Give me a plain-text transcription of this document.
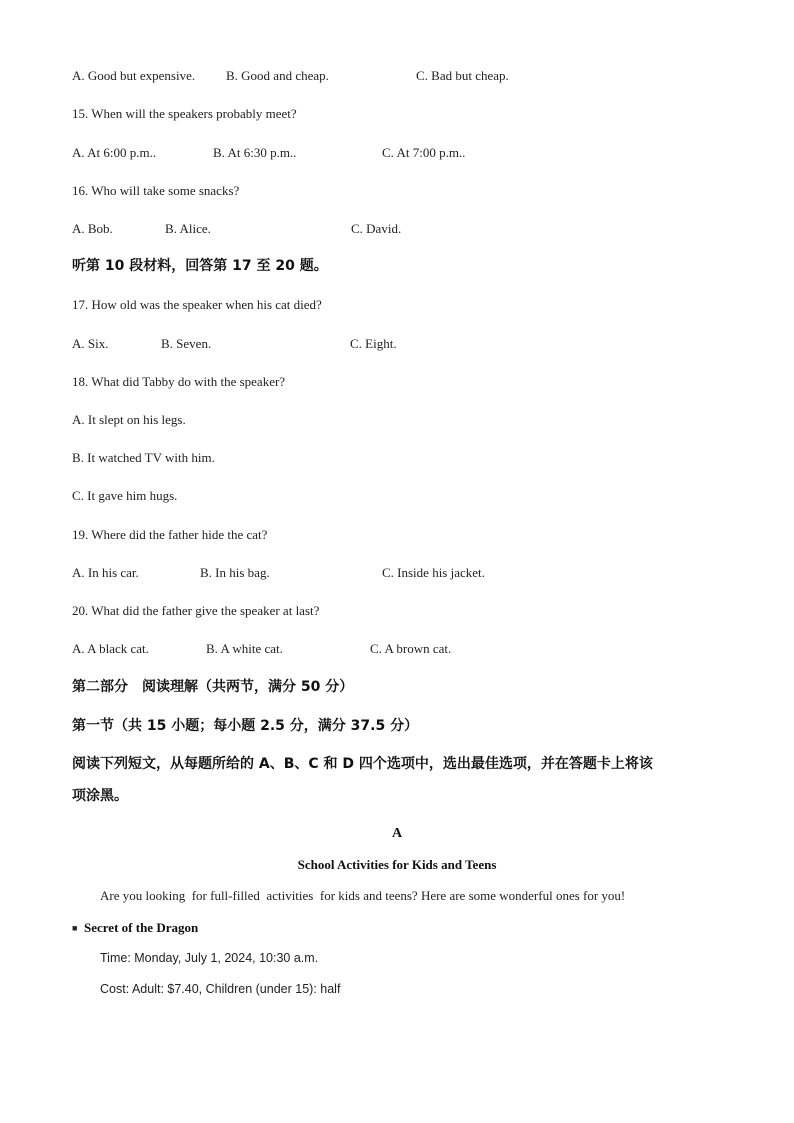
A. Good but expensive. B. Good and cheap.	C. Bad but cheap.
15. When will the speakers probably meet?
A. At 6:00 p.m..	B. At 6:30 p.m..	C. At 7:00 p.m..
16. Who will take some snacks?
A. Bob.	B. Alice.	C. David.
听第 10 段材料，回答第 17 至 20 题。
17. How old was the speaker when his cat died?
A. Six.	B. Seven.	C. Eight.
18. What did Tabby do with the speaker?
A. It slept on his legs.
B. It watched TV with him.
C. It gave him hugs.
19. Where did the father hide the cat?
A. In his car.	B. In his bag.	C. Inside his jacket.
20. What did the father give the speaker at last?
A. A black cat.	B. A white cat.	C. A brown cat.
第二部分　阅读理解（共两节，满分 50 分）
第一节（共 15 小题；每小题 2.5 分，满分 37.5 分）
阅读下列短文，从每题所给的 A、B、C 和 D 四个选项中，选出最佳选项，并在答题卡上将该
项涂黑。
A
School Activities for Kids and Teens
Are you looking  for full-filled  activities  for kids and teens? Here are some wonderful ones for you!
■ Secret of the Dragon
Time: Monday, July 1, 2024, 10:30 a.m.
Cost: Adult: $7.40, Children (under 15): half
